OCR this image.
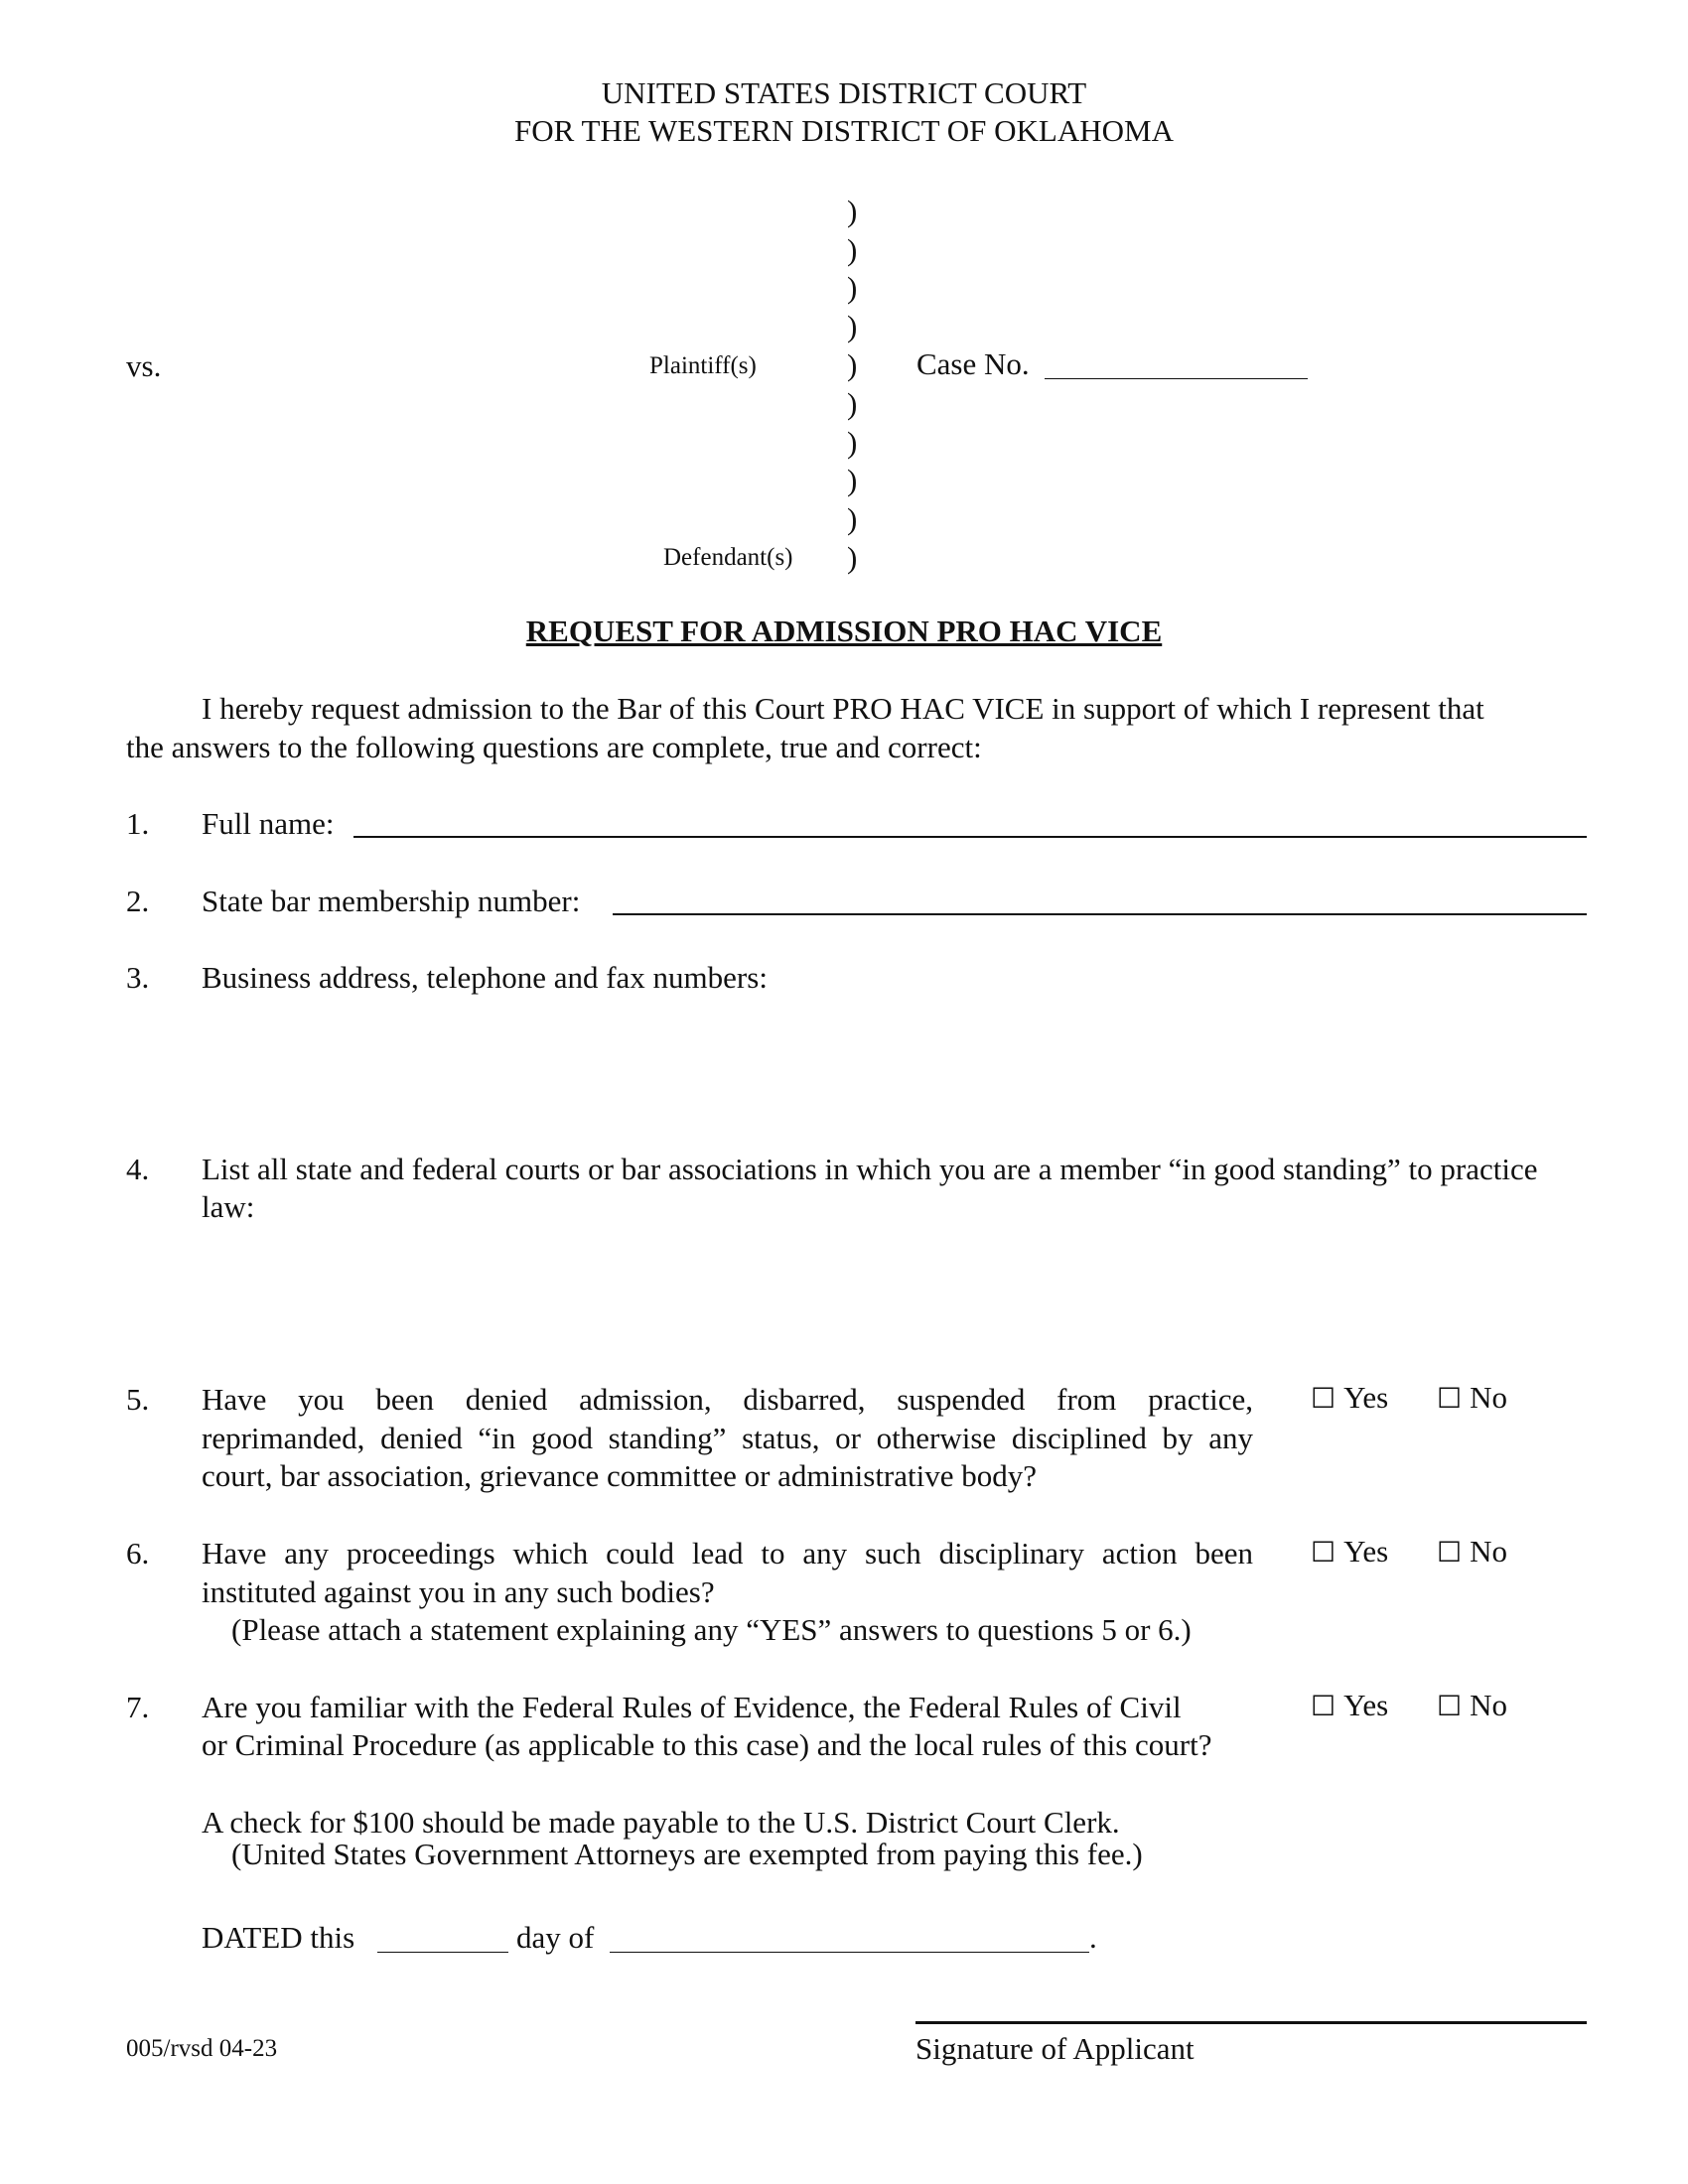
UNITED STATES DISTRICT COURT
FOR THE WESTERN DISTRICT OF OKLAHOMA
)
)
)
)
)
)
)
)
)
)
vs.	Plaintiff(s)
Defendant(s)
Case No.
REQUEST FOR ADMISSION PRO HAC VICE
I hereby request admission to the Bar of this Court PRO HAC VICE in support of which I represent that
the answers to the following questions are complete, true and correct:
1. Full name:
2. State bar membership number:
3. Business address, telephone and fax numbers:
4. List all state and federal courts or bar associations in which you are a member “in good standing” to practice
law:
5. Have you been denied admission, disbarred, suspended from practice,
reprimanded, denied “in good standing” status, or otherwise disciplined by any
court, bar association, grievance committee or administrative body?
☐ Yes ☐ No
6. Have any proceedings which could lead to any such disciplinary action been
instituted against you in any such bodies?
(Please attach a statement explaining any “YES” answers to questions 5 or 6.)
☐ Yes ☐ No
7. Are you familiar with the Federal Rules of Evidence, the Federal Rules of Civil
or Criminal Procedure (as applicable to this case) and the local rules of this court?
☐ Yes ☐ No
A check for $100 should be made payable to the U.S. District Court Clerk.
(United States Government Attorneys are exempted from paying this fee.)
DATED this	day of	.
Signature of Applicant
005/rvsd 04-23
